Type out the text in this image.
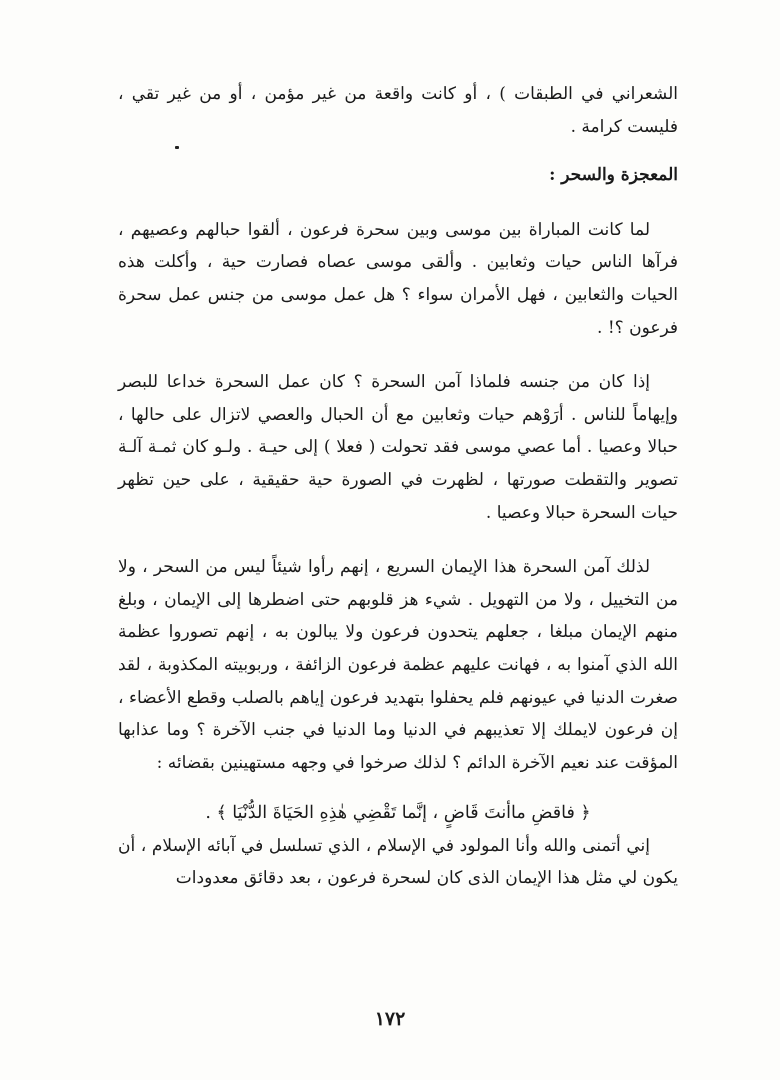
الشعراني في الطبقات ) ، أو كانت واقعة من غير مؤمن ، أو من غير تقي ، فليست كرامة .

المعجزة والسحر :

لما كانت المباراة بين موسى وبين سحرة فرعون ، ألقوا حبالهم وعصيهم ، فرآها الناس حيات وثعابين . وألقى موسى عصاه فصارت حية ، وأكلت هذه الحيات والثعابين ، فهل الأمران سواء ؟ هل عمل موسى من جنس عمل سحرة فرعون ؟! .

إذا كان من جنسه فلماذا آمن السحرة ؟ كان عمل السحرة خداعا للبصر وإيهاماً للناس . أرَوْهم حيات وثعابين مع أن الحبال والعصي لاتزال على حالها ، حبالا وعصيا . أما عصي موسى فقد تحولت ( فعلا ) إلى حيـة . ولـو كان ثمـة آلـة تصوير والتقطت صورتها ، لظهرت في الصورة حية حقيقية ، على حين تظهر حيات السحرة حبالا وعصيا .

لذلك آمن السحرة هذا الإيمان السريع ، إنهم رأوا شيئاً ليس من السحر ، ولا من التخييل ، ولا من التهويل . شيء هز قلوبهم حتى اضطرها إلى الإيمان ، وبلغ منهم الإيمان مبلغا ، جعلهم يتحدون فرعون ولا يبالون به ، إنهم تصوروا عظمة الله الذي آمنوا به ، فهانت عليهم عظمة فرعون الزائفة ، وربوبيته المكذوبة ، لقد صغرت الدنيا في عيونهم فلم يحفلوا بتهديد فرعون إياهم بالصلب وقطع الأعضاء ، إن فرعون لايملك إلا تعذيبهم في الدنيا وما الدنيا في جنب الآخرة ؟ وما عذابها المؤقت عند نعيم الآخرة الدائم ؟ لذلك صرخوا في وجهه مستهينين بقضائه :

﴿ فاقضِ ماأنتَ قَاضٍ ، إنَّما تَقْضِي هٰذِهِ الحَيَاةَ الدُّنْيَا ﴾ .

إني أتمنى والله وأنا المولود في الإسلام ، الذي تسلسل في آبائه الإسلام ، أن يكون لي مثل هذا الإيمان الذى كان لسحرة فرعون ، بعد دقائق معدودات

١٧٢
